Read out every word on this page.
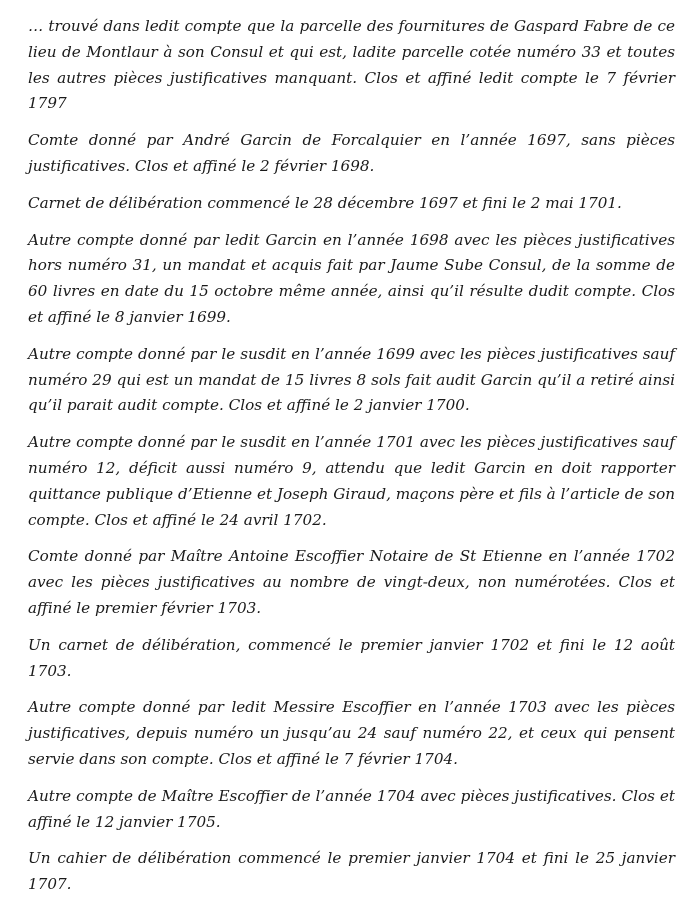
… trouvé dans ledit compte que la parcelle des fournitures de Gaspard Fabre de ce lieu de Montlaur à son Consul et qui est, ladite parcelle cotée numéro 33 et toutes les autres pièces justificatives manquant. Clos et affiné ledit compte le 7 février 1797

Comte donné par André Garcin de Forcalquier en l’année 1697, sans pièces justificatives. Clos et affiné le 2 février 1698.

Carnet de délibération commencé le 28 décembre 1697 et fini le 2 mai 1701.

Autre compte donné par ledit Garcin en l’année 1698 avec les pièces justificatives hors numéro 31, un mandat et acquis fait par Jaume Sube Consul, de la somme de 60 livres en date du 15 octobre même année, ainsi qu’il résulte dudit compte. Clos et affiné le 8 janvier 1699.

Autre compte donné par le susdit en l’année 1699 avec les pièces justificatives sauf numéro 29 qui est un mandat de 15 livres 8 sols fait audit Garcin qu’il a retiré ainsi qu’il parait audit compte. Clos et affiné le 2 janvier 1700.

Autre compte donné par le susdit en l’année 1701 avec les pièces justificatives sauf numéro 12, déficit aussi numéro 9, attendu que ledit Garcin en doit rapporter quittance publique d’Etienne et Joseph Giraud, maçons père et fils à l’article de son compte. Clos et affiné le 24 avril 1702.

Comte donné par Maître Antoine Escoffier Notaire de St Etienne en l’année 1702 avec les pièces justificatives au nombre de vingt-deux, non numérotées. Clos et affiné le premier février 1703.

Un carnet de délibération, commencé le premier janvier 1702 et fini le 12 août 1703.

Autre compte donné par ledit Messire Escoffier en l’année 1703 avec les pièces justificatives, depuis numéro un jusqu’au 24 sauf numéro 22, et ceux qui pensent servie dans son compte. Clos et affiné le 7 février 1704.

Autre compte de Maître Escoffier de l’année 1704 avec pièces justificatives. Clos et affiné le 12 janvier 1705.

Un cahier de délibération commencé le premier janvier 1704 et fini le 25 janvier 1707.
